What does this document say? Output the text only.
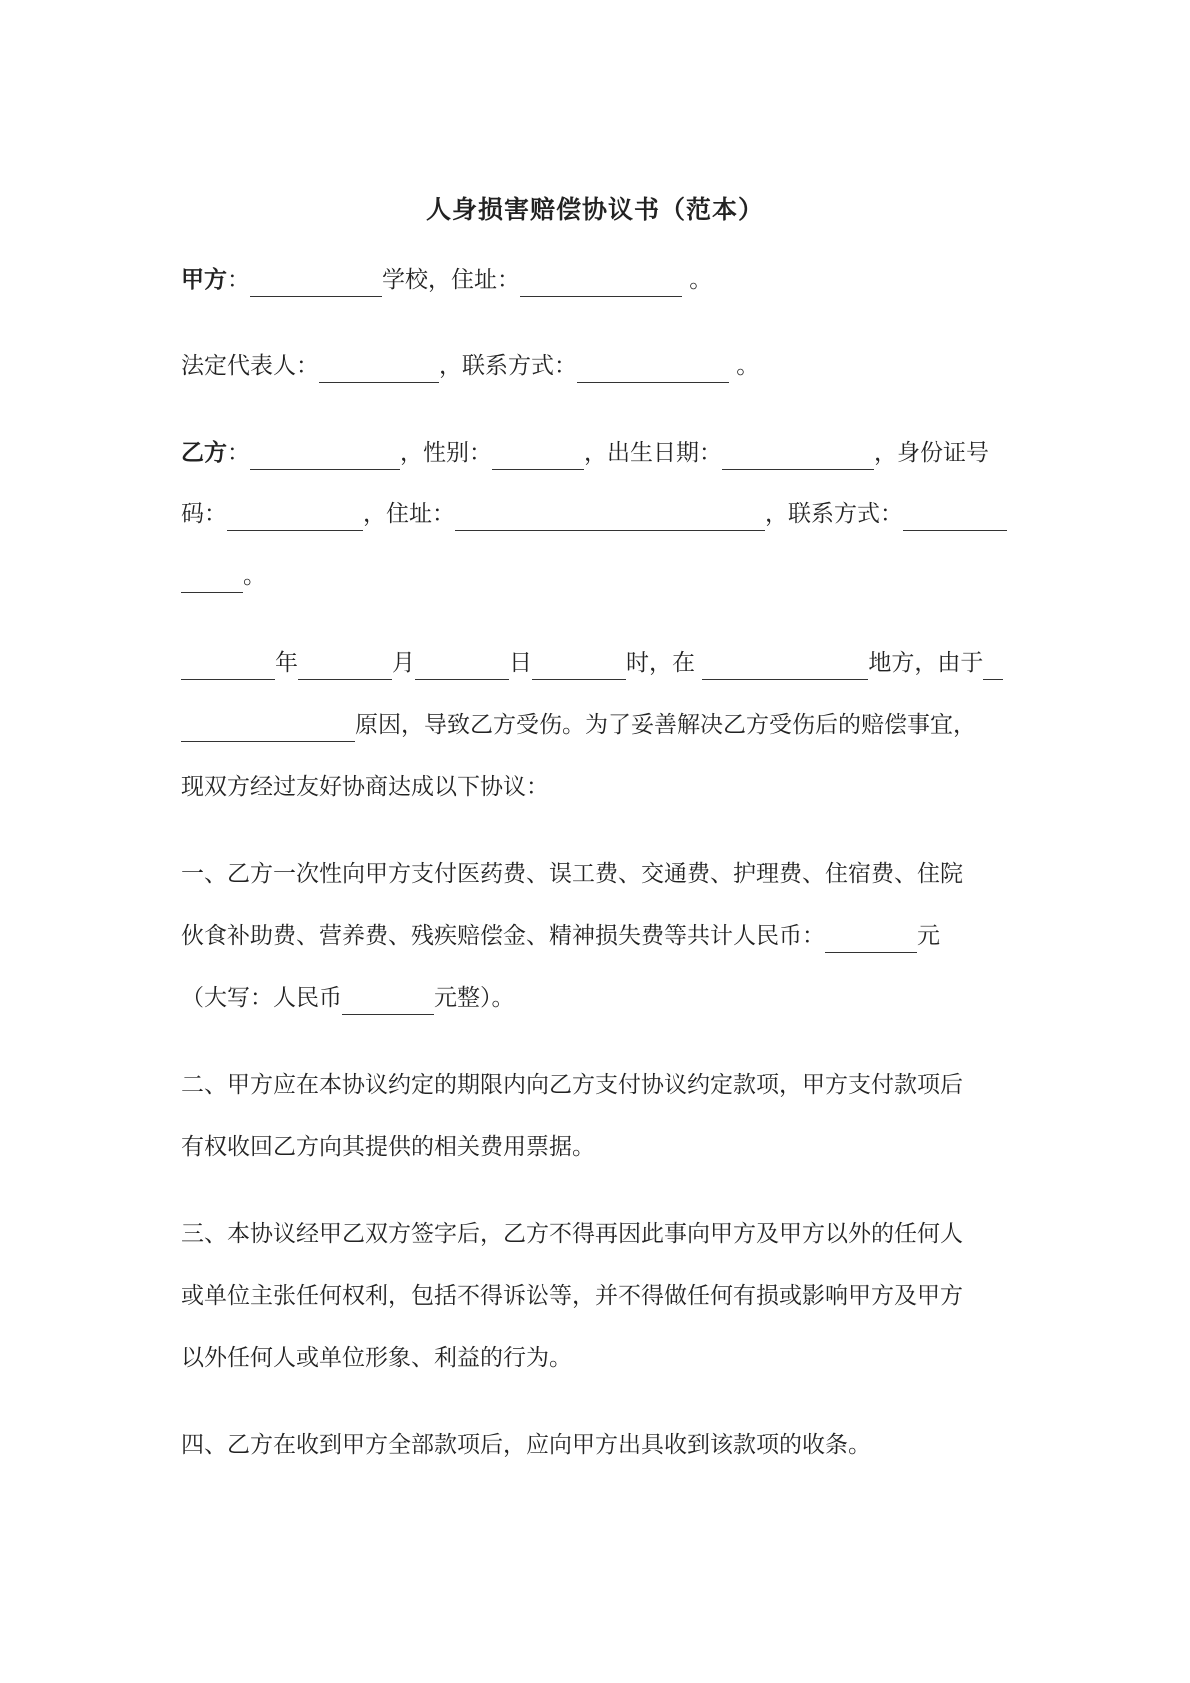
人身损害赔偿协议书（范本）
甲方：	学校，住址：	。
法定代表人：	，联系方式：	。
乙方：	，性别：	，出生日期：	，身份证号
码：	，住址：	，联系方式：
。
年	月	日	时，在	地方，由于
原因，导致乙方受伤。为了妥善解决乙方受伤后的赔偿事宜，
现双方经过友好协商达成以下协议：
一、乙方一次性向甲方支付医药费、误工费、交通费、护理费、住宿费、住院
伙食补助费、营养费、残疾赔偿金、精神损失费等共计人民币：	元
（大写：人民币	元整）。
二、甲方应在本协议约定的期限内向乙方支付协议约定款项，甲方支付款项后
有权收回乙方向其提供的相关费用票据。
三、本协议经甲乙双方签字后，乙方不得再因此事向甲方及甲方以外的任何人
或单位主张任何权利，包括不得诉讼等，并不得做任何有损或影响甲方及甲方
以外任何人或单位形象、利益的行为。
四、乙方在收到甲方全部款项后，应向甲方出具收到该款项的收条。
